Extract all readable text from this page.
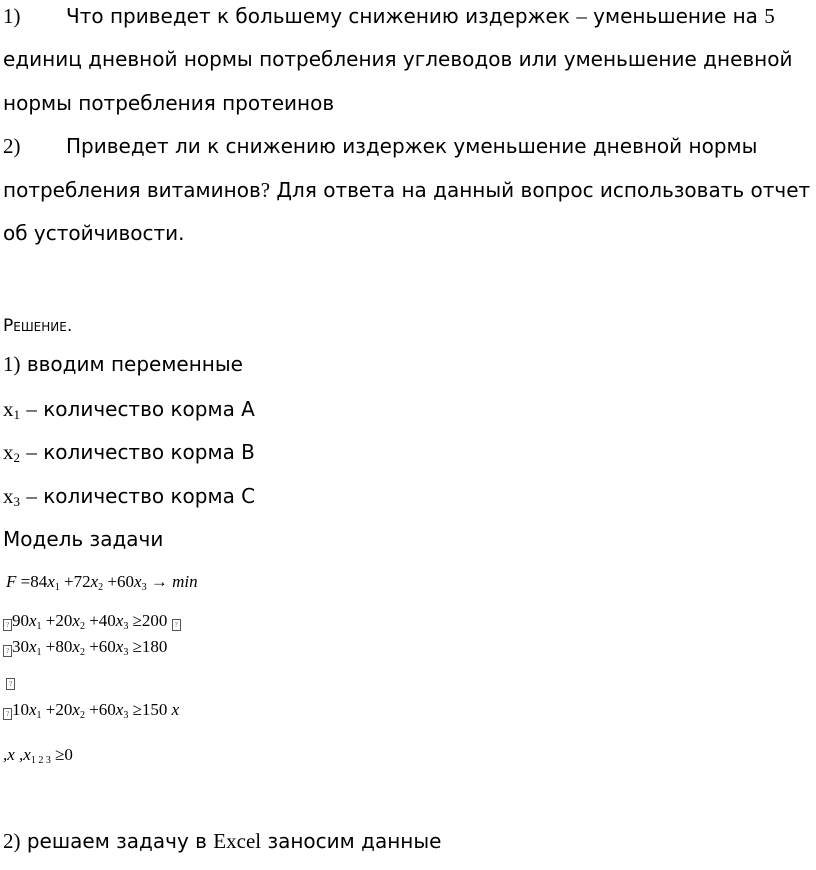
1) Что приведет к большему снижению издержек – уменьшение на 5
единиц дневной нормы потребления углеводов или уменьшение дневной
нормы потребления протеинов
2) Приведет ли к снижению издержек уменьшение дневной нормы
потребления витаминов? Для ответа на данный вопрос использовать отчет
об устойчивости.
Решение.
1) вводим переменные
$x_1$ – количество корма А
$x_2$ – количество корма В
$x_3$ – количество корма С
Модель задачи
F =84x1 +72x2 +60x3 → min
? 90x1 +20x2 +40x3 ≥200 ?
? 30x1 +80x2 +60x3 ≥180
?
? 10x1 +20x2 +60x3 ≥150 x
,x ,x1 2 3 ≥0
2) решаем задачу в Excel заносим данные
